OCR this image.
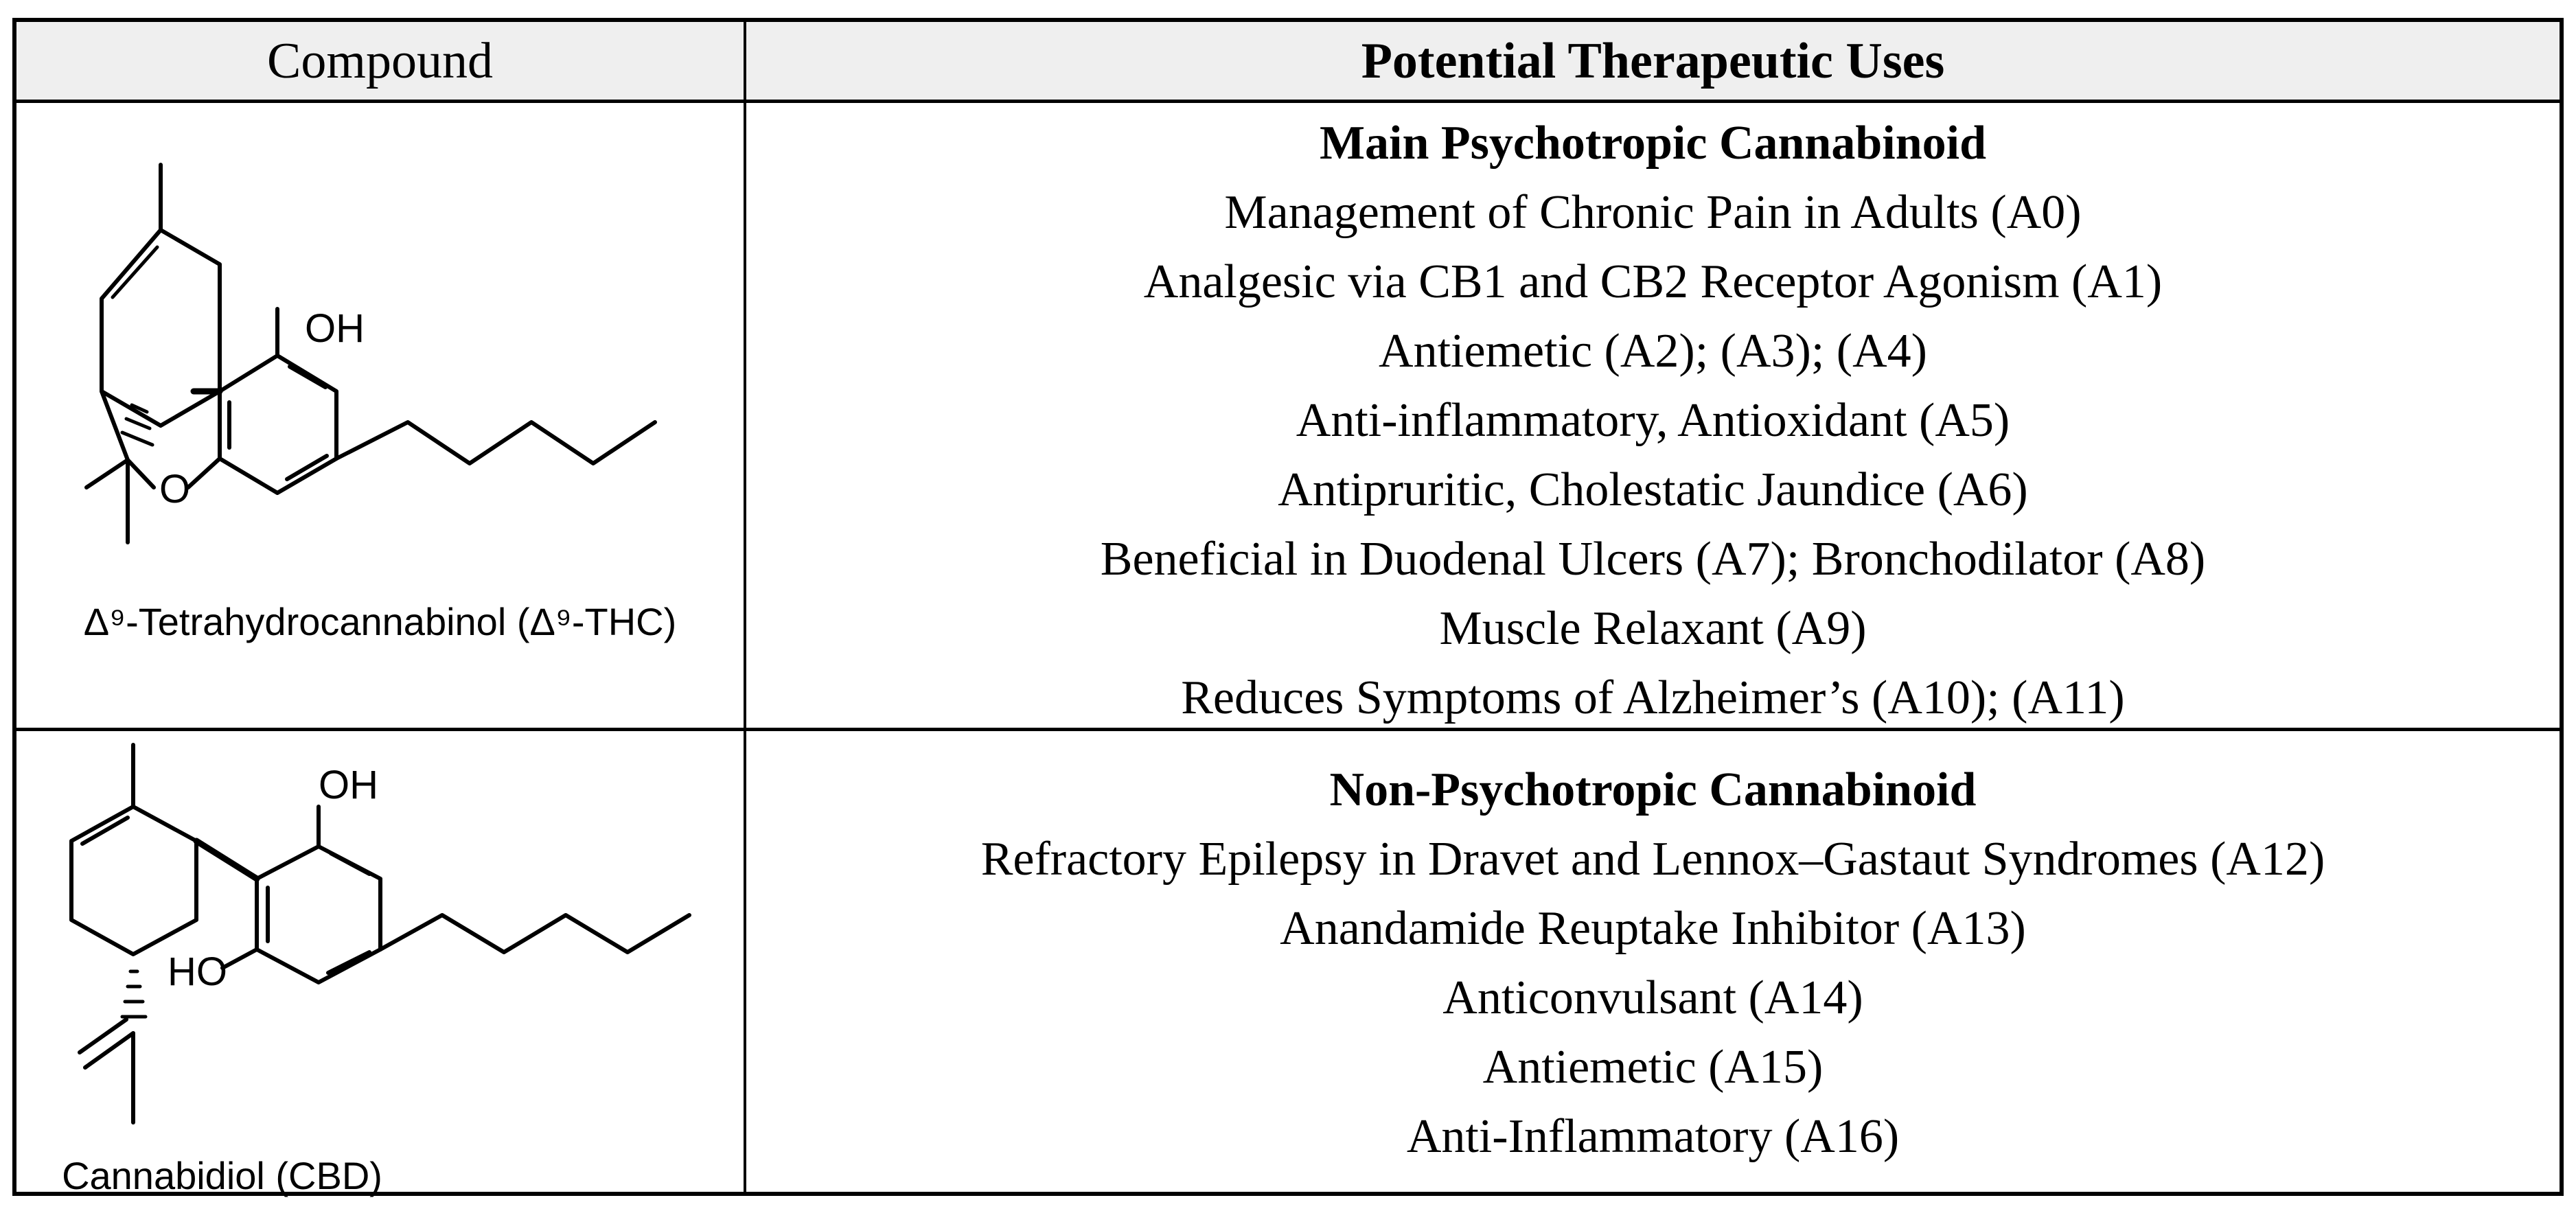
Compound	Potential Therapeutic Uses
OH
O
Δ⁹-Tetrahydrocannabinol (Δ⁹-THC)
Main Psychotropic Cannabinoid
Management of Chronic Pain in Adults (A0)
Analgesic via CB1 and CB2 Receptor Agonism (A1)
Antiemetic (A2); (A3); (A4)
Anti-inflammatory, Antioxidant (A5)
Antipruritic, Cholestatic Jaundice (A6)
Beneficial in Duodenal Ulcers (A7); Bronchodilator (A8)
Muscle Relaxant (A9)
Reduces Symptoms of Alzheimer’s (A10); (A11)
OH
HO
Cannabidiol (CBD)
Non-Psychotropic Cannabinoid
Refractory Epilepsy in Dravet and Lennox–Gastaut Syndromes (A12)
Anandamide Reuptake Inhibitor (A13)
Anticonvulsant (A14)
Antiemetic (A15)
Anti-Inflammatory (A16)
